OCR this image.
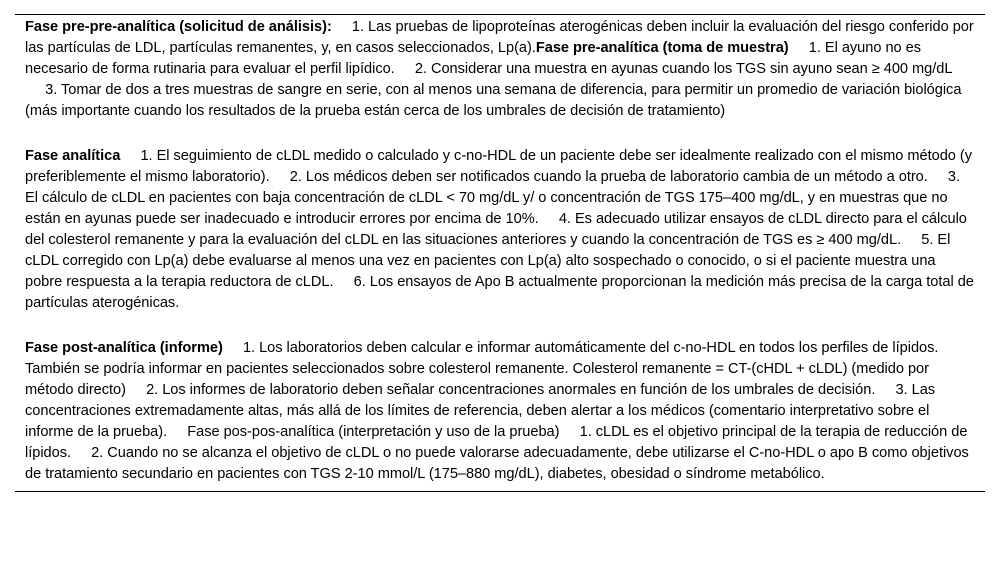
Fase pre-pre-analítica (solicitud de análisis): 1. Las pruebas de lipoproteínas aterogénicas deben incluir la evaluación del riesgo conferido por las partículas de LDL, partículas remanentes, y, en casos seleccionados, Lp(a).Fase pre-analítica (toma de muestra) 1. El ayuno no es necesario de forma rutinaria para evaluar el perfil lipídico. 2. Considerar una muestra en ayunas cuando los TGS sin ayuno sean ≥ 400 mg/dL     3. Tomar de dos a tres muestras de sangre en serie, con al menos una semana de diferencia, para permitir un promedio de variación biológica (más importante cuando los resultados de la prueba están cerca de los umbrales de decisión de tratamiento)

Fase analítica 1. El seguimiento de cLDL medido o calculado y c-no-HDL de un paciente debe ser idealmente realizado con el mismo método (y preferiblemente el mismo laboratorio). 2. Los médicos deben ser notificados cuando la prueba de laboratorio cambia de un método a otro. 3. El cálculo de cLDL en pacientes con baja concentración de cLDL < 70 mg/dL y/ o concentración de TGS 175–400 mg/dL, y en muestras que no están en ayunas puede ser inadecuado e introducir errores por encima de 10%. 4. Es adecuado utilizar ensayos de cLDL directo para el cálculo del colesterol remanente y para la evaluación del cLDL en las situaciones anteriores y cuando la concentración de TGS es ≥ 400 mg/dL. 5. El cLDL corregido con Lp(a) debe evaluarse al menos una vez en pacientes con Lp(a) alto sospechado o conocido, o si el paciente muestra una pobre respuesta a la terapia reductora de cLDL. 6. Los ensayos de Apo B actualmente proporcionan la medición más precisa de la carga total de partículas aterogénicas.

Fase post-analítica (informe) 1. Los laboratorios deben calcular e informar automáticamente del c-no-HDL en todos los perfiles de lípidos. También se podría informar en pacientes seleccionados sobre colesterol remanente. Colesterol remanente = CT-(cHDL + cLDL) (medido por método directo) 2. Los informes de laboratorio deben señalar concentraciones anormales en función de los umbrales de decisión. 3. Las concentraciones extremadamente altas, más allá de los límites de referencia, deben alertar a los médicos (comentario interpretativo sobre el informe de la prueba). Fase pos-pos-analítica (interpretación y uso de la prueba) 1. cLDL es el objetivo principal de la terapia de reducción de lípidos. 2. Cuando no se alcanza el objetivo de cLDL o no puede valorarse adecuadamente, debe utilizarse el C-no-HDL o apo B como objetivos de tratamiento secundario en pacientes con TGS 2-10 mmol/L (175–880 mg/dL), diabetes, obesidad o síndrome metabólico.
